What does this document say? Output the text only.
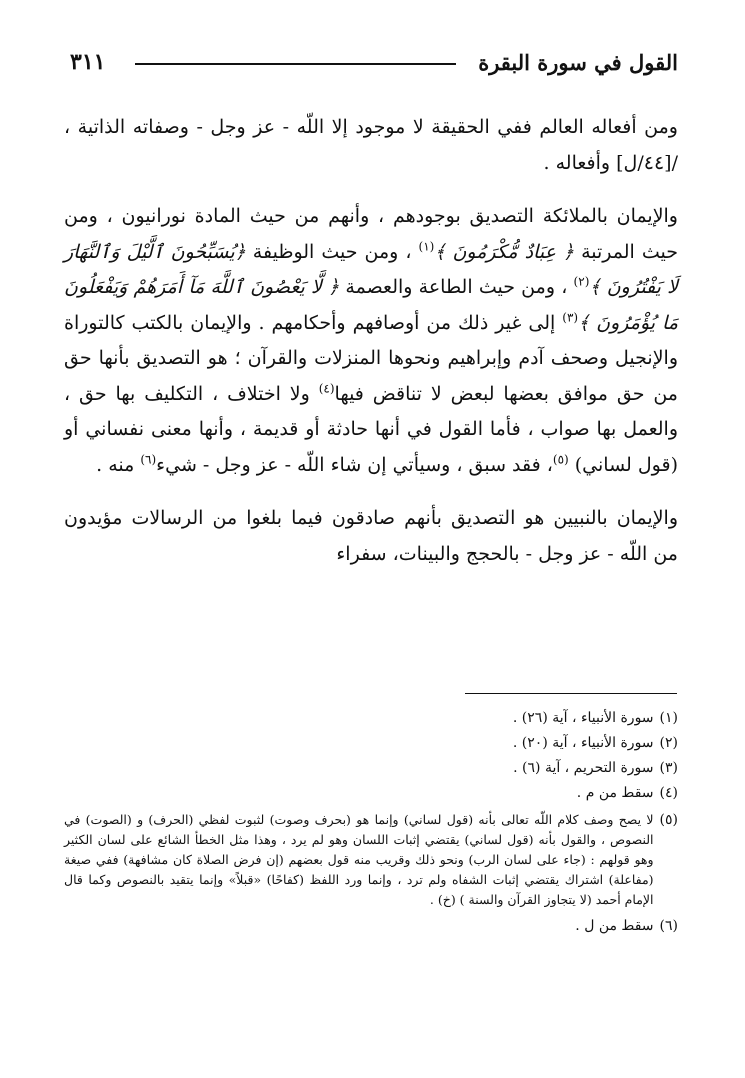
القول في سورة البقرة
٣١١

ومن أفعاله العالم ففي الحقيقة لا موجود إلا اللّه - عز وجل - وصفاته الذاتية ، /[٤٤/ل] وأفعاله .

والإيمان بالملائكة التصديق بوجودهم ، وأنهم من حيث المادة نورانيون ، ومن حيث المرتبة ﴿ عِبَادٌ مُّكْرَمُونَ ﴾$^{(١)}$ ، ومن حيث الوظيفة ﴿يُسَبِّحُونَ ٱلَّيْلَ وَٱلنَّهَارَ لَا يَفْتُرُونَ ﴾$^{(٢)}$ ، ومن حيث الطاعة والعصمة ﴿ لَّا يَعْصُونَ ٱللَّهَ مَآ أَمَرَهُمْ وَيَفْعَلُونَ مَا يُؤْمَرُونَ ﴾$^{(٣)}$ إلى غير ذلك من أوصافهم وأحكامهم . والإيمان بالكتب كالتوراة والإنجيل وصحف آدم وإبراهيم ونحوها المنزلات والقرآن ؛ هو التصديق بأنها حق من حق موافق بعضها لبعض لا تناقض فيها$^{(٤)}$ ولا اختلاف ، التكليف بها حق ، والعمل بها صواب ، فأما القول في أنها حادثة أو قديمة ، وأنها معنى نفساني أو (قول لساني) $^{(٥)}$، فقد سبق ، وسيأتي إن شاء اللّه - عز وجل - شيء$^{(٦)}$ منه .

والإيمان بالنبيين هو التصديق بأنهم صادقون فيما بلغوا من الرسالات مؤيدون من اللّه - عز وجل - بالحجج والبينات، سفراء

(١)
سورة الأنبياء ، آية (٢٦) .
(٢)
سورة الأنبياء ، آية (٢٠) .
(٣)
سورة التحريم ، آية (٦) .
(٤)
سقط من م .
(٥)
لا يصح وصف كلام اللّه تعالى بأنه (قول لساني) وإنما هو (بحرف وصوت) لثبوت لفظي (الحرف) و (الصوت) في النصوص ، والقول بأنه (قول لساني) يقتضي إثبات اللسان وهو لم يرد ، وهذا مثل الخطأ الشائع على لسان الكثير وهو قولهم : (جاء على لسان الرب) ونحو ذلك وقريب منه قول بعضهم (إن فرض الصلاة كان مشافهة) ففي صيغة (مفاعلة) اشتراك يقتضي إثبات الشفاه ولم ترد ، وإنما ورد اللفظ (كفاحًا) «قبلاً» وإنما يتقيد بالنصوص وكما قال الإمام أحمد (لا يتجاوز القرآن والسنة ) (خ) .
(٦)
سقط من ل .
